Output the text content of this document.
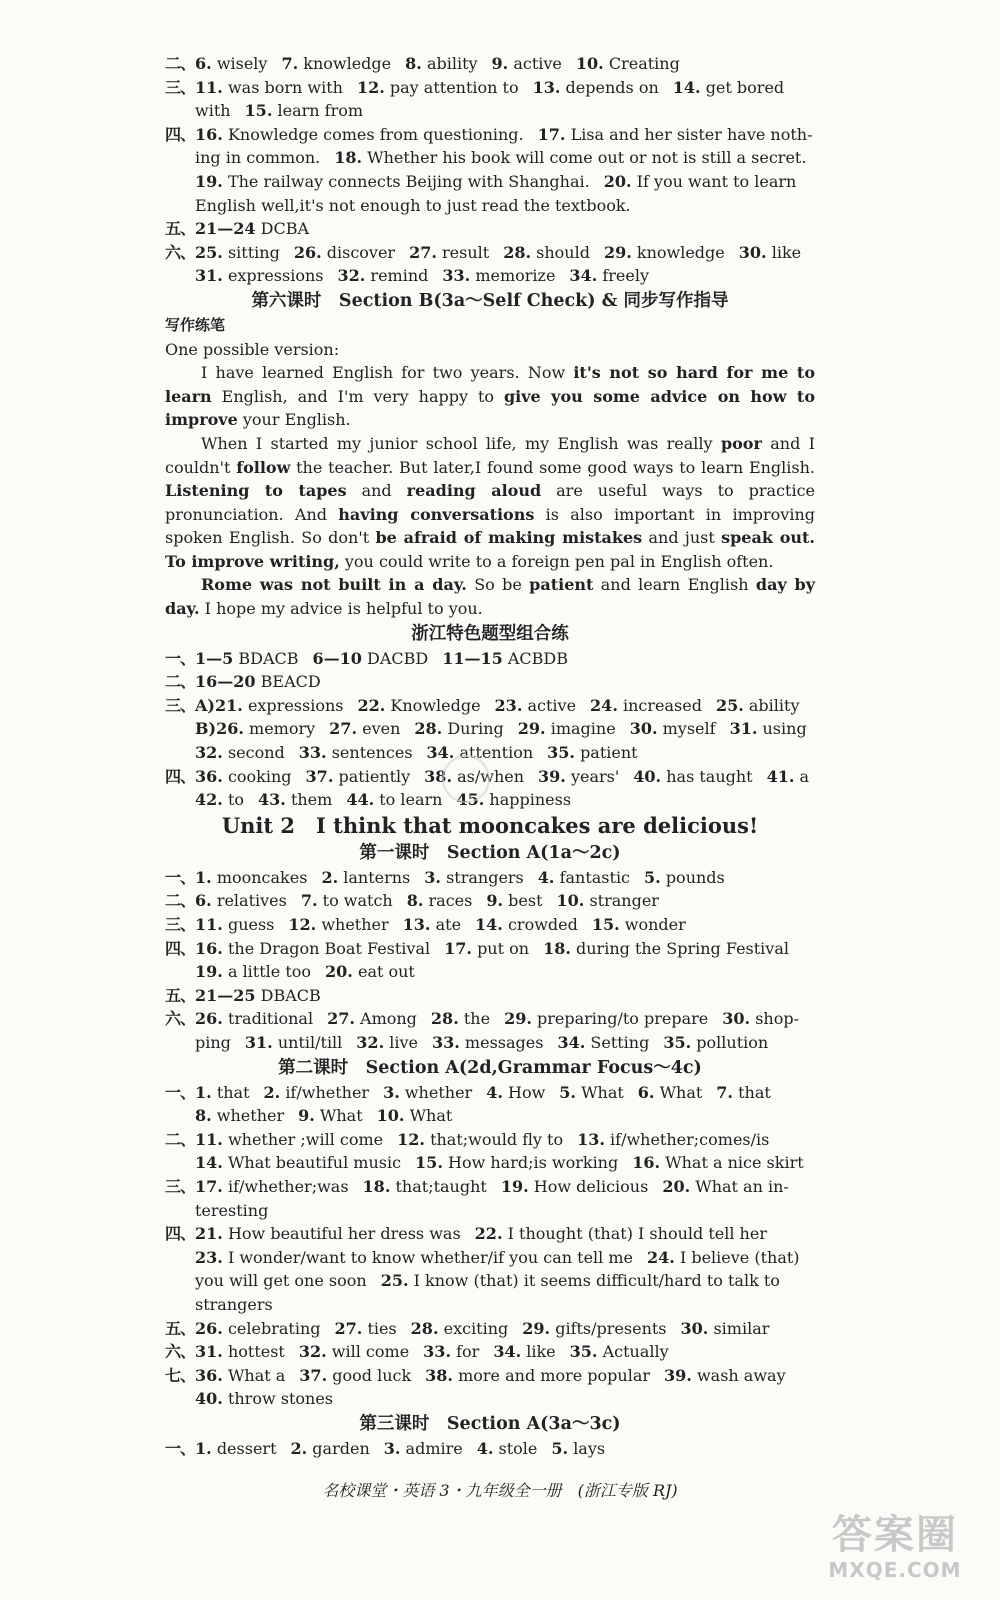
二、6. wisely 7. knowledge 8. ability 9. active 10. Creating
三、11. was born with 12. pay attention to 13. depends on 14. get bored
with 15. learn from
四、16. Knowledge comes from questioning. 17. Lisa and her sister have noth-
ing in common. 18. Whether his book will come out or not is still a secret.
19. The railway connects Beijing with Shanghai. 20. If you want to learn
English well,it's not enough to just read the textbook.
五、21—24 DCBA
六、25. sitting 26. discover 27. result 28. should 29. knowledge 30. like
31. expressions 32. remind 33. memorize 34. freely
第六课时　Section B(3a～Self Check) & 同步写作指导
写作练笔
One possible version:
I have learned English for two years. Now it's not so hard for me to learn English, and I'm very happy to give you some advice on how to improve your English.
When I started my junior school life, my English was really poor and I couldn't follow the teacher. But later,I found some good ways to learn English. Listening to tapes and reading aloud are useful ways to practice pronunciation. And having conversations is also important in improving spoken English. So don't be afraid of making mistakes and just speak out. To improve writing, you could write to a foreign pen pal in English often.
Rome was not built in a day. So be patient and learn English day by day. I hope my advice is helpful to you.
浙江特色题型组合练
一、1—5 BDACB 6—10 DACBD 11—15 ACBDB
二、16—20 BEACD
三、A)21. expressions 22. Knowledge 23. active 24. increased 25. ability
B)26. memory 27. even 28. During 29. imagine 30. myself 31. using
32. second 33. sentences 34. attention 35. patient
四、36. cooking 37. patiently 38. as/when 39. years' 40. has taught 41. a
42. to 43. them 44. to learn 45. happiness
Unit 2　I think that mooncakes are delicious!
第一课时　Section A(1a～2c)
一、1. mooncakes 2. lanterns 3. strangers 4. fantastic 5. pounds
二、6. relatives 7. to watch 8. races 9. best 10. stranger
三、11. guess 12. whether 13. ate 14. crowded 15. wonder
四、16. the Dragon Boat Festival 17. put on 18. during the Spring Festival
19. a little too 20. eat out
五、21—25 DBACB
六、26. traditional 27. Among 28. the 29. preparing/to prepare 30. shop-
ping 31. until/till 32. live 33. messages 34. Setting 35. pollution
第二课时　Section A(2d,Grammar Focus～4c)
一、1. that 2. if/whether 3. whether 4. How 5. What 6. What 7. that
8. whether 9. What 10. What
二、11. whether ;will come 12. that;would fly to 13. if/whether;comes/is
14. What beautiful music 15. How hard;is working 16. What a nice skirt
三、17. if/whether;was 18. that;taught 19. How delicious 20. What an in-
teresting
四、21. How beautiful her dress was 22. I thought (that) I should tell her
23. I wonder/want to know whether/if you can tell me 24. I believe (that)
you will get one soon 25. I know (that) it seems difficult/hard to talk to
strangers
五、26. celebrating 27. ties 28. exciting 29. gifts/presents 30. similar
六、31. hottest 32. will come 33. for 34. like 35. Actually
七、36. What a 37. good luck 38. more and more popular 39. wash away
40. throw stones
第三课时　Section A(3a～3c)
一、1. dessert 2. garden 3. admire 4. stole 5. lays
名校课堂・英语 3・九年级全一册　(浙江专版 RJ)
答案圈
MXQE.COM
